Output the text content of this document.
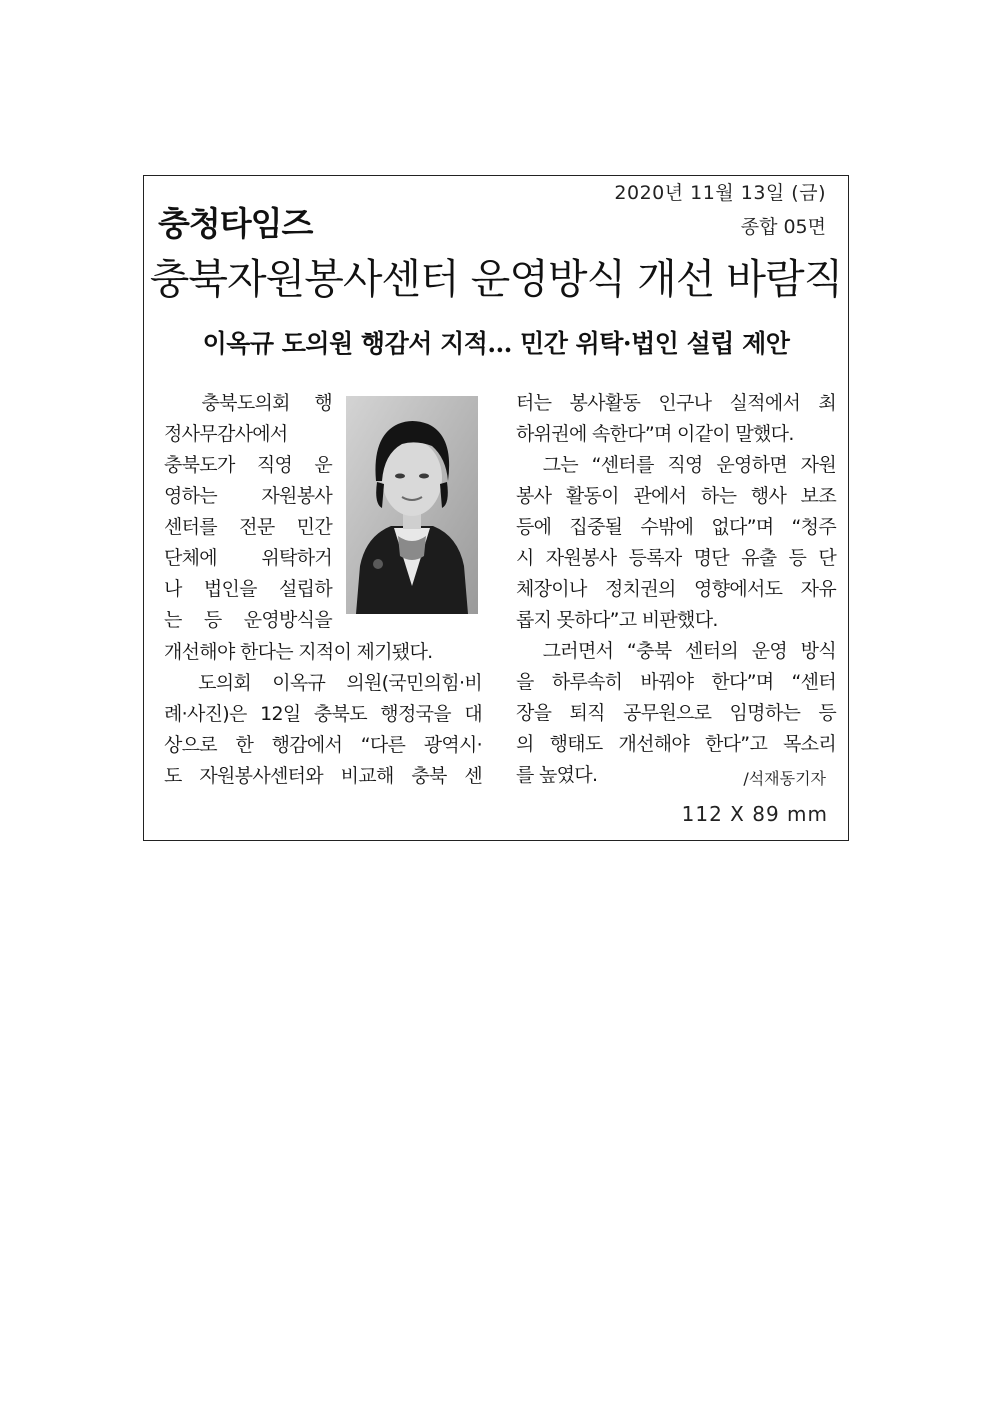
충청타임즈
2020년 11월 13일 (금)
종합 05면
충북자원봉사센터 운영방식 개선 바람직
이옥규 도의원 행감서 지적… 민간 위탁·법인 설립 제안
　충북도의회 행
정사무감사에서
충북도가 직영 운
영하는 자원봉사
센터를 전문 민간
단체에 위탁하거
나 법인을 설립하
는 등 운영방식을
개선해야 한다는 지적이 제기됐다.
　도의회 이옥규 의원(국민의힘·비
례·사진)은 12일 충북도 행정국을 대
상으로 한 행감에서 “다른 광역시·
도 자원봉사센터와 비교해 충북 센
터는 봉사활동 인구나 실적에서 최
하위권에 속한다”며 이같이 말했다.
　그는 “센터를 직영 운영하면 자원
봉사 활동이 관에서 하는 행사 보조
등에 집중될 수밖에 없다”며 “청주
시 자원봉사 등록자 명단 유출 등 단
체장이나 정치권의 영향에서도 자유
롭지 못하다”고 비판했다.
　그러면서 “충북 센터의 운영 방식
을 하루속히 바꿔야 한다”며 “센터
장을 퇴직 공무원으로 임명하는 등
의 행태도 개선해야 한다”고 목소리
를 높였다.	/석재동기자
112 X 89 mm
